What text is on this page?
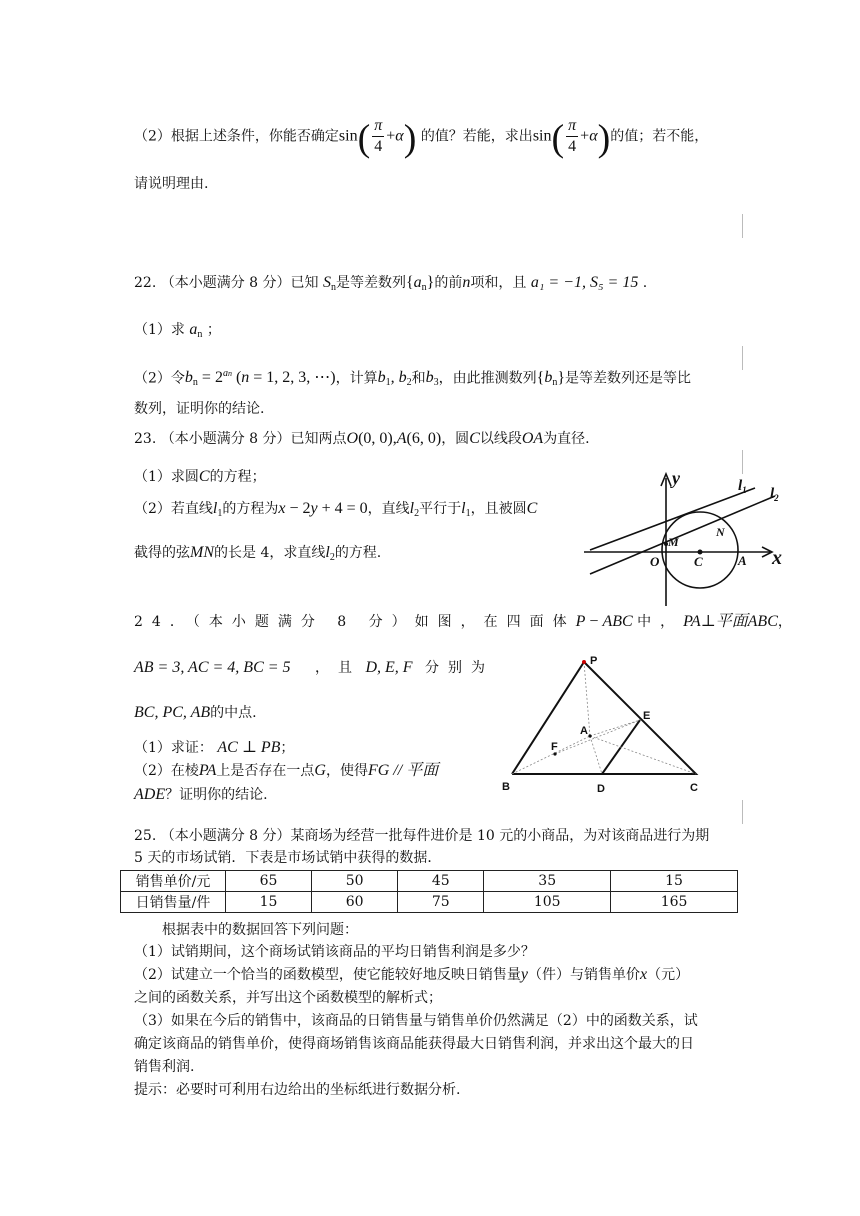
（2）根据上述条件，你能否确定$\sin( \frac{\pi}{4} +\alpha)$ 的值？若能，求出$\sin( \frac{\pi}{4} +\alpha)$的值；若不能，
请说明理由.
22. （本小题满分 8 分）已知 $S_n$是等差数列$\{a_n\}$的前n项和，且 a₁ = −1, S₅ = 15 .
（1）求 $a_n$ ；
（2）令$b_n = 2^{an}$ (n = 1, 2, 3, ⋯)，计算$b_1$, $b_2$和$b_3$，由此推测数列$\{b_n\}$是等差数列还是等比
数列，证明你的结论.
23. （本小题满分 8 分）已知两点O(0, 0),A(6, 0)，圆C以线段OA为直径.
（1）求圆C的方程；
（2）若直线$l_1$的方程为x − 2y + 4 = 0，直线$l_2$平行于$l_1$，且被圆C
截得的弦MN的长是 4，求直线$l_2$的方程.
y
x
O	C	A
M
N
$l_1$ $l_2$
24．（本小题满分 8 分）如图，在四面体P − ABC 中，PA⊥平面ABC，
AB = 3, AC = 4, BC = 5 ，且 D, E, F 分别为
BC, PC, AB的中点.
（1）求证： AC ⊥ PB；
（2）在棱PA上是否存在一点G，使得FG // 平面
ADE？证明你的结论.
P
A
B	C
D
E
F
25. （本小题满分 8 分）某商场为经营一批每件进价是 10 元的小商品，为对该商品进行为期
5 天的市场试销．下表是市场试销中获得的数据．
销售单价/元	65	50	45	35	15
日销售量/件	15	60	75	105	165
根据表中的数据回答下列问题：
（1）试销期间，这个商场试销该商品的平均日销售利润是多少？
（2）试建立一个恰当的函数模型，使它能较好地反映日销售量y（件）与销售单价x（元）
之间的函数关系，并写出这个函数模型的解析式；
（3）如果在今后的销售中，该商品的日销售量与销售单价仍然满足（2）中的函数关系，试
确定该商品的销售单价，使得商场销售该商品能获得最大日销售利润，并求出这个最大的日
销售利润.
提示：必要时可利用右边给出的坐标纸进行数据分析.
